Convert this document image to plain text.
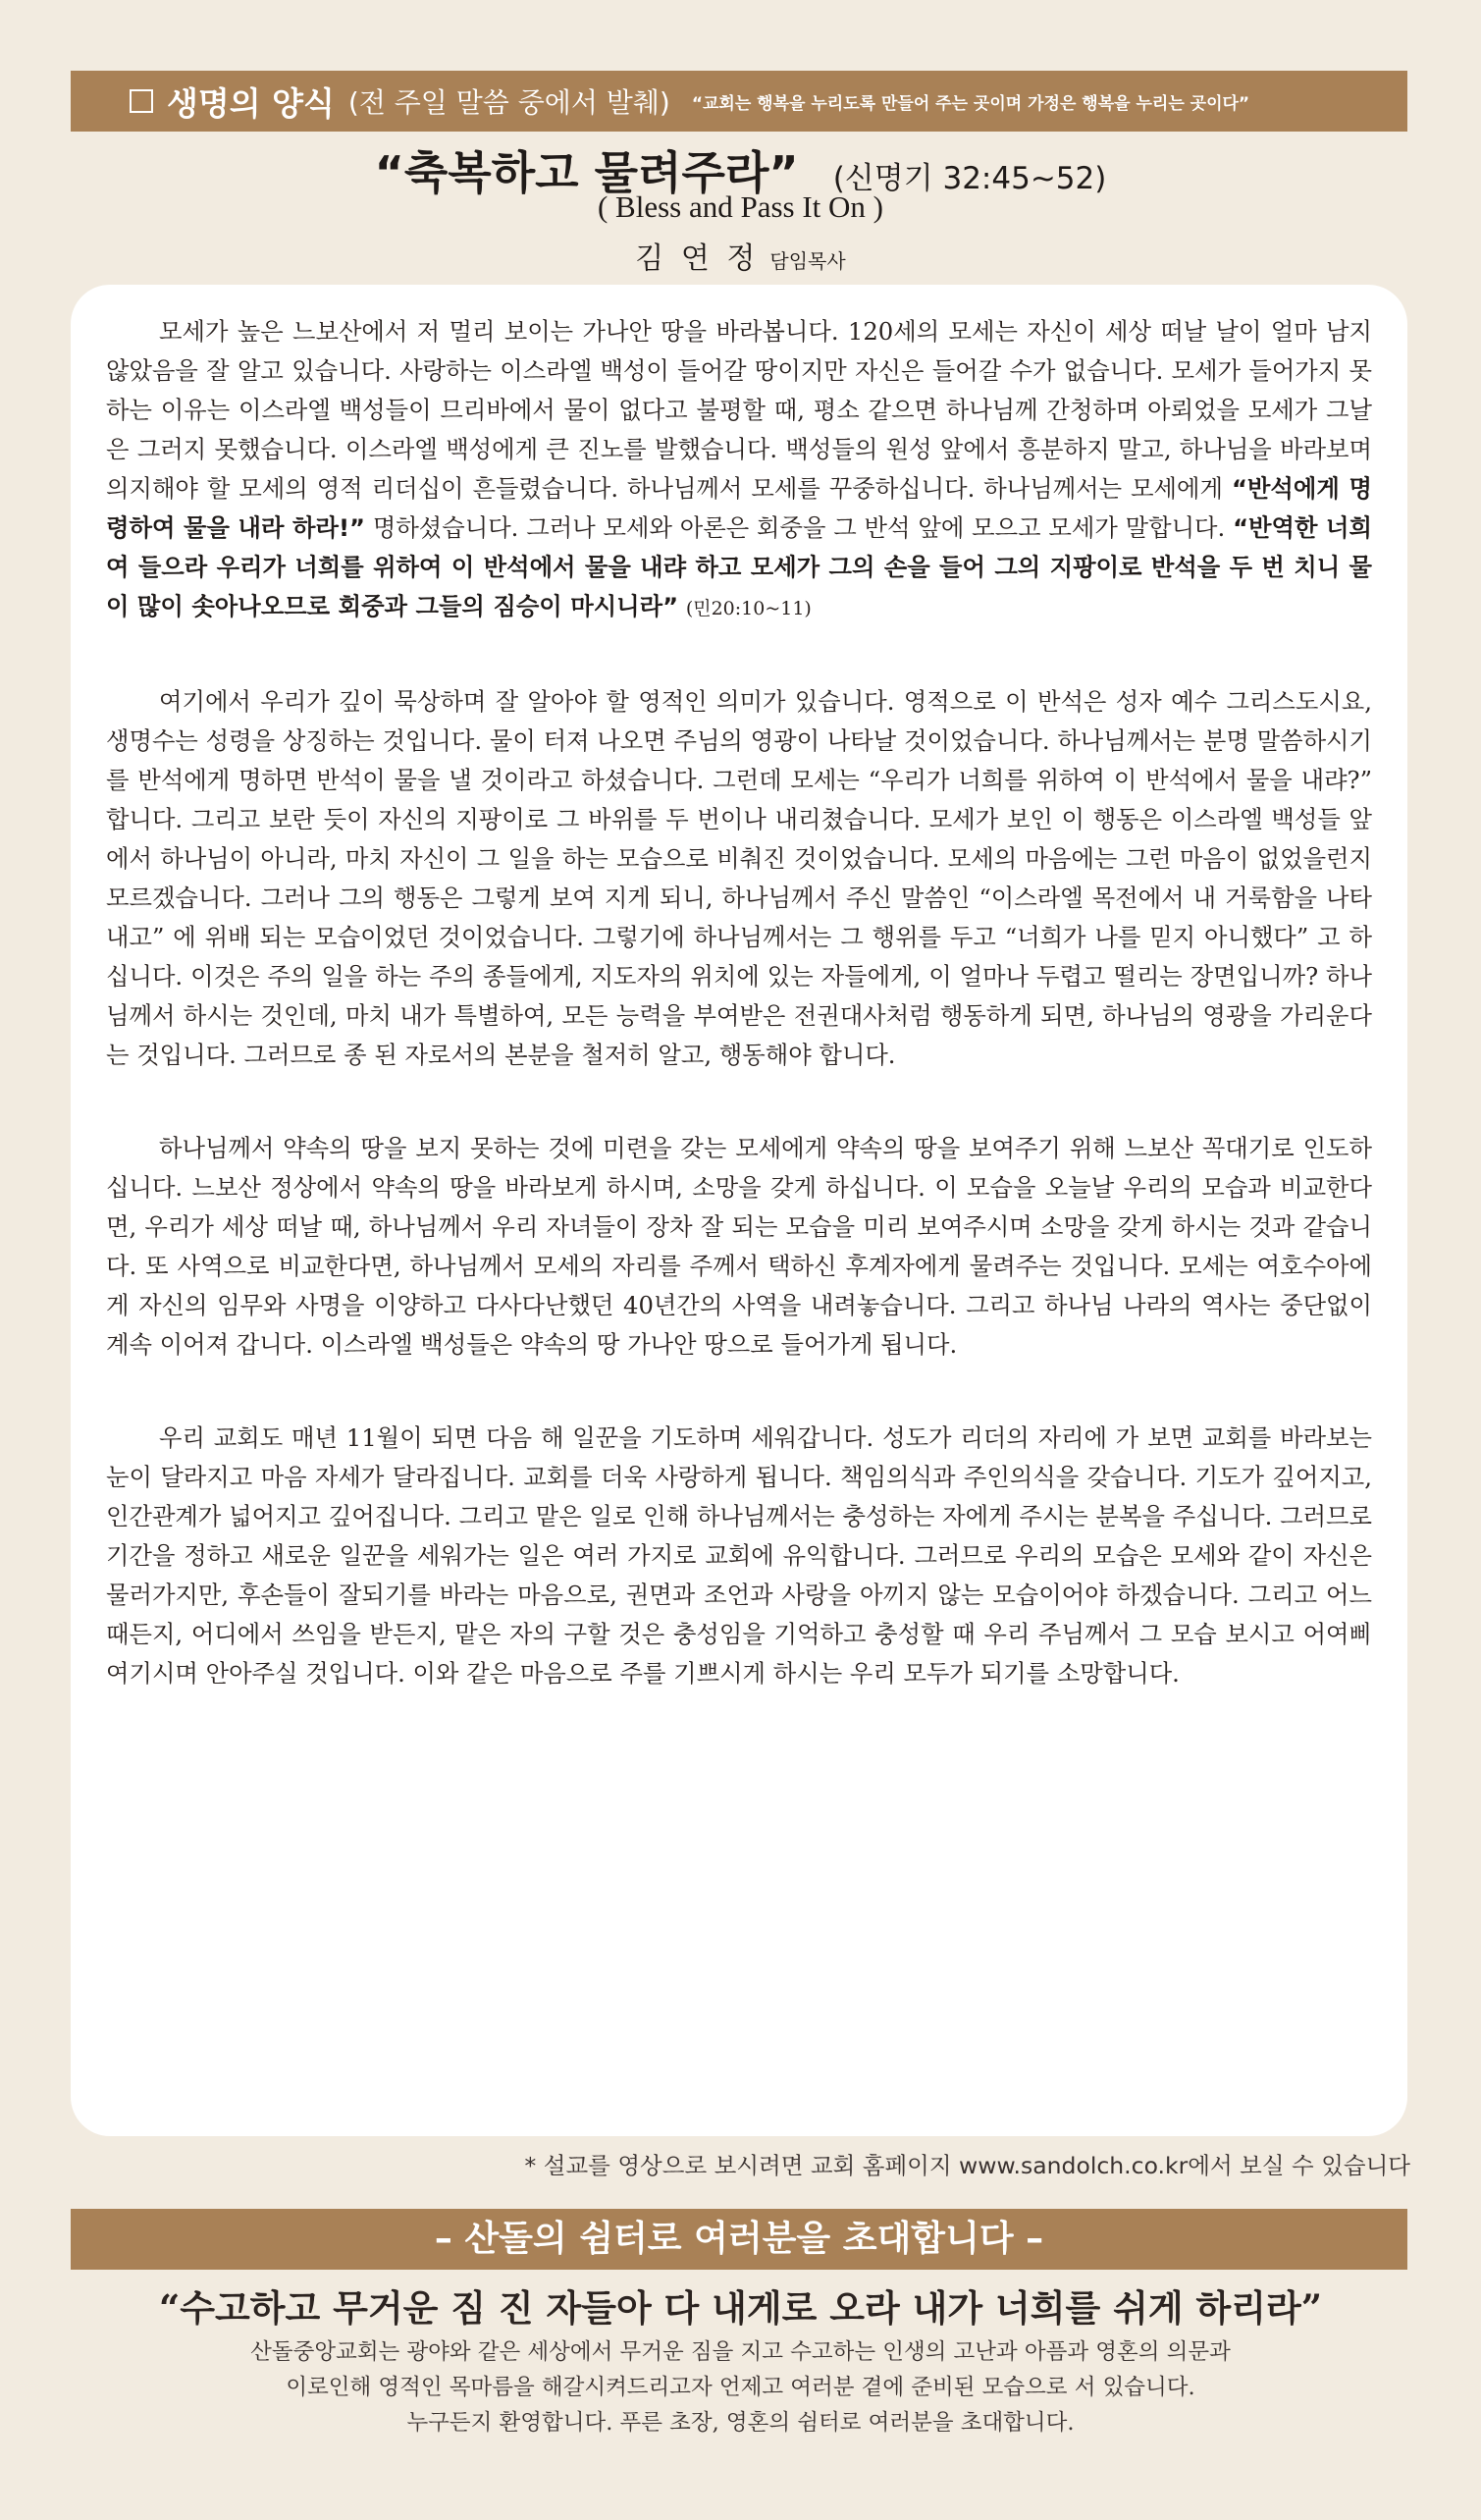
생명의 양식 (전 주일 말씀 중에서 발췌) “교회는 행복을 누리도록 만들어 주는 곳이며 가정은 행복을 누리는 곳이다”
“축복하고 물려주라” (신명기 32:45~52)
( Bless and Pass It On )
김 연 정 담임목사

모세가 높은 느보산에서 저 멀리 보이는 가나안 땅을 바라봅니다. 120세의 모세는 자신이 세상 떠날 날이 얼마 남지 않았음을 잘 알고 있습니다. 사랑하는 이스라엘 백성이 들어갈 땅이지만 자신은 들어갈 수가 없습니다. 모세가 들어가지 못하는 이유는 이스라엘 백성들이 므리바에서 물이 없다고 불평할 때, 평소 같으면 하나님께 간청하며 아뢰었을 모세가 그날은 그러지 못했습니다. 이스라엘 백성에게 큰 진노를 발했습니다. 백성들의 원성 앞에서 흥분하지 말고, 하나님을 바라보며 의지해야 할 모세의 영적 리더십이 흔들렸습니다. 하나님께서 모세를 꾸중하십니다. 하나님께서는 모세에게 “반석에게 명령하여 물을 내라 하라!” 명하셨습니다. 그러나 모세와 아론은 회중을 그 반석 앞에 모으고 모세가 말합니다. “반역한 너희여 들으라 우리가 너희를 위하여 이 반석에서 물을 내랴 하고 모세가 그의 손을 들어 그의 지팡이로 반석을 두 번 치니 물이 많이 솟아나오므로 회중과 그들의 짐승이 마시니라” (민20:10~11)

여기에서 우리가 깊이 묵상하며 잘 알아야 할 영적인 의미가 있습니다. 영적으로 이 반석은 성자 예수 그리스도시요, 생명수는 성령을 상징하는 것입니다. 물이 터져 나오면 주님의 영광이 나타날 것이었습니다. 하나님께서는 분명 말씀하시기를 반석에게 명하면 반석이 물을 낼 것이라고 하셨습니다. 그런데 모세는 “우리가 너희를 위하여 이 반석에서 물을 내랴?” 합니다. 그리고 보란 듯이 자신의 지팡이로 그 바위를 두 번이나 내리쳤습니다. 모세가 보인 이 행동은 이스라엘 백성들 앞에서 하나님이 아니라, 마치 자신이 그 일을 하는 모습으로 비춰진 것이었습니다. 모세의 마음에는 그런 마음이 없었을런지 모르겠습니다. 그러나 그의 행동은 그렇게 보여 지게 되니, 하나님께서 주신 말씀인 “이스라엘 목전에서 내 거룩함을 나타내고” 에 위배 되는 모습이었던 것이었습니다. 그렇기에 하나님께서는 그 행위를 두고 “너희가 나를 믿지 아니했다” 고 하십니다. 이것은 주의 일을 하는 주의 종들에게, 지도자의 위치에 있는 자들에게, 이 얼마나 두렵고 떨리는 장면입니까? 하나님께서 하시는 것인데, 마치 내가 특별하여, 모든 능력을 부여받은 전권대사처럼 행동하게 되면, 하나님의 영광을 가리운다는 것입니다. 그러므로 종 된 자로서의 본분을 철저히 알고, 행동해야 합니다.

하나님께서 약속의 땅을 보지 못하는 것에 미련을 갖는 모세에게 약속의 땅을 보여주기 위해 느보산 꼭대기로 인도하십니다. 느보산 정상에서 약속의 땅을 바라보게 하시며, 소망을 갖게 하십니다. 이 모습을 오늘날 우리의 모습과 비교한다면, 우리가 세상 떠날 때, 하나님께서 우리 자녀들이 장차 잘 되는 모습을 미리 보여주시며 소망을 갖게 하시는 것과 같습니다. 또 사역으로 비교한다면, 하나님께서 모세의 자리를 주께서 택하신 후계자에게 물려주는 것입니다. 모세는 여호수아에게 자신의 임무와 사명을 이양하고 다사다난했던 40년간의 사역을 내려놓습니다. 그리고 하나님 나라의 역사는 중단없이 계속 이어져 갑니다. 이스라엘 백성들은 약속의 땅 가나안 땅으로 들어가게 됩니다.

우리 교회도 매년 11월이 되면 다음 해 일꾼을 기도하며 세워갑니다. 성도가 리더의 자리에 가 보면 교회를 바라보는 눈이 달라지고 마음 자세가 달라집니다. 교회를 더욱 사랑하게 됩니다. 책임의식과 주인의식을 갖습니다. 기도가 깊어지고, 인간관계가 넓어지고 깊어집니다. 그리고 맡은 일로 인해 하나님께서는 충성하는 자에게 주시는 분복을 주십니다. 그러므로 기간을 정하고 새로운 일꾼을 세워가는 일은 여러 가지로 교회에 유익합니다. 그러므로 우리의 모습은 모세와 같이 자신은 물러가지만, 후손들이 잘되기를 바라는 마음으로, 권면과 조언과 사랑을 아끼지 않는 모습이어야 하겠습니다. 그리고 어느 때든지, 어디에서 쓰임을 받든지, 맡은 자의 구할 것은 충성임을 기억하고 충성할 때 우리 주님께서 그 모습 보시고 어여삐 여기시며 안아주실 것입니다. 이와 같은 마음으로 주를 기쁘시게 하시는 우리 모두가 되기를 소망합니다.

* 설교를 영상으로 보시려면 교회 홈페이지 www.sandolch.co.kr에서 보실 수 있습니다
– 산돌의 쉼터로 여러분을 초대합니다 –
“수고하고 무거운 짐 진 자들아 다 내게로 오라 내가 너희를 쉬게 하리라”
산돌중앙교회는 광야와 같은 세상에서 무거운 짐을 지고 수고하는 인생의 고난과 아픔과 영혼의 의문과
이로인해 영적인 목마름을 해갈시켜드리고자 언제고 여러분 곁에 준비된 모습으로 서 있습니다.
누구든지 환영합니다. 푸른 초장, 영혼의 쉼터로 여러분을 초대합니다.
